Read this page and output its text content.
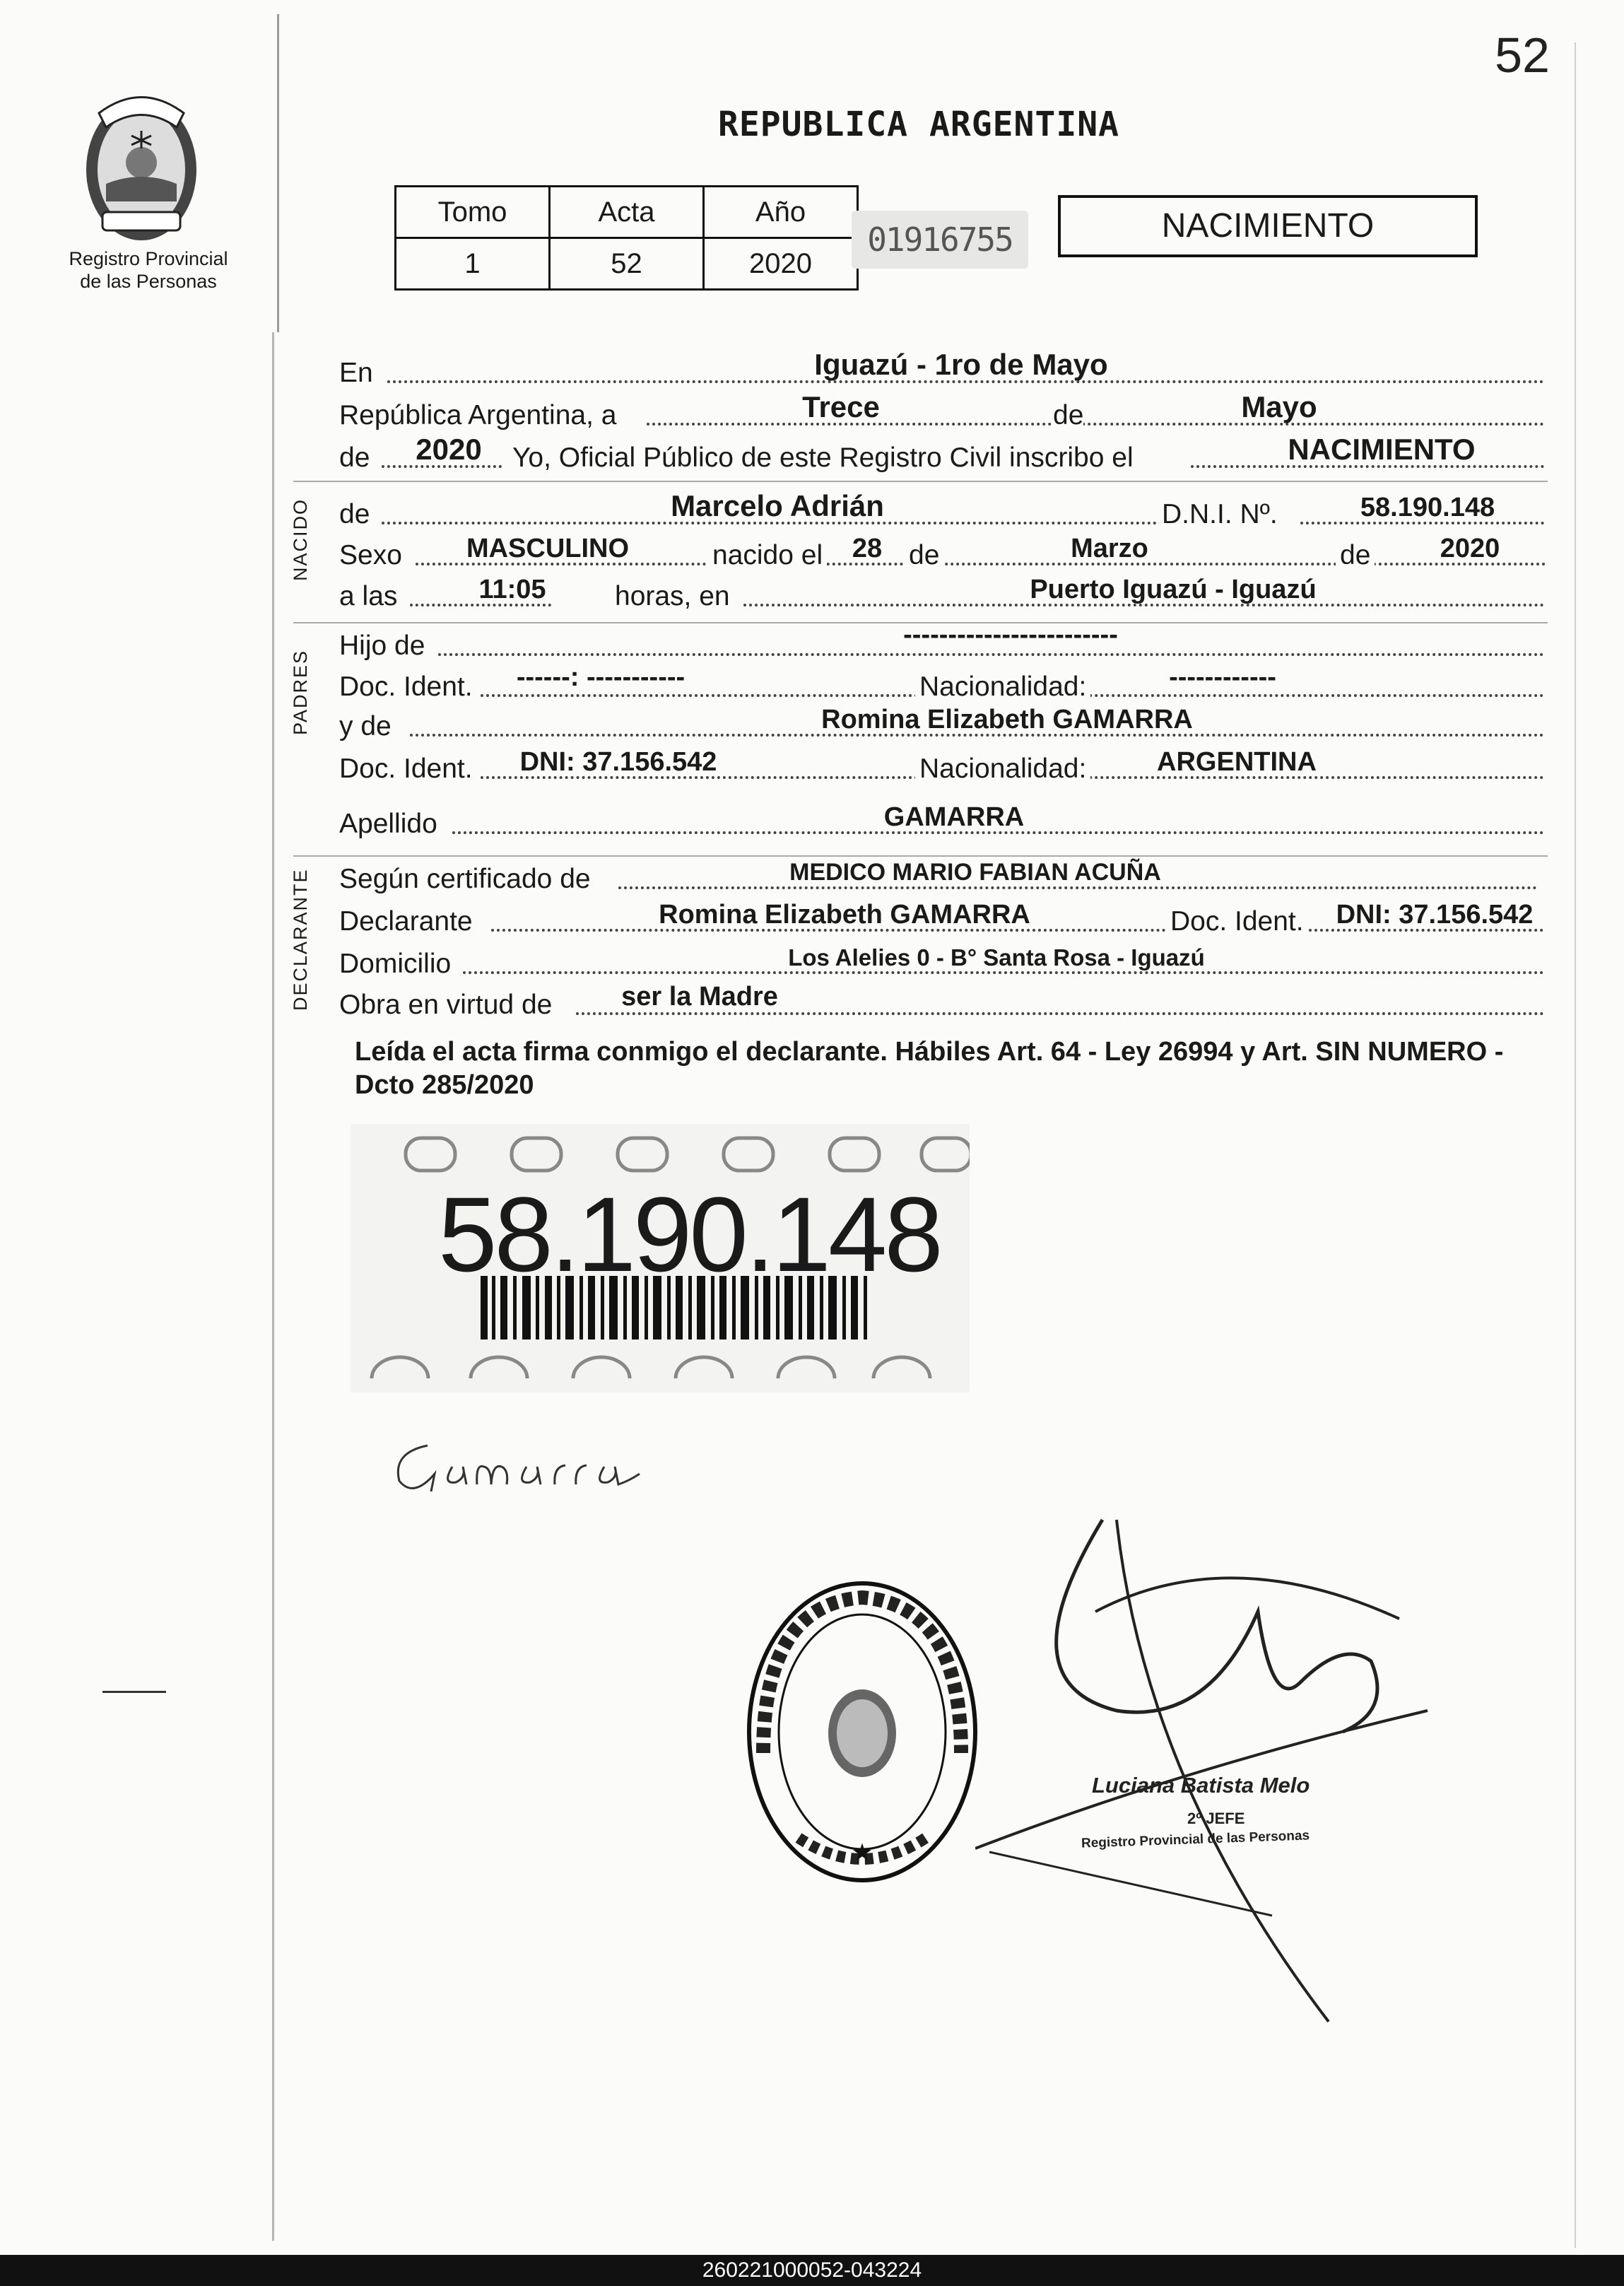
52
Registro Provincial
de las Personas
REPUBLICA ARGENTINA
Tomo	Acta	Año
1	52	2020
01916755	NACIMIENTO
En	Iguazú - 1ro de Mayo
República Argentina, a	Trece	de	Mayo
de 2020 Yo, Oficial Público de este Registro Civil inscribo el	NACIMIENTO
NACIDO de	Marcelo Adrián	D.N.I. Nº.	58.190.148
Sexo	MASCULINO	nacido el	28 de	Marzo	de	2020
a las	11:05	horas, en	Puerto Iguazú - Iguazú
PADRES
Hijo de	------------------------
Doc. Ident.	------: -----------	Nacionalidad:	------------
y de	Romina Elizabeth GAMARRA
Doc. Ident.	DNI: 37.156.542	Nacionalidad:	ARGENTINA
Apellido	GAMARRA
DECLARANTE Según certificado de	MEDICO MARIO FABIAN ACUÑA
Declarante	Romina Elizabeth GAMARRA	Doc. Ident.	DNI: 37.156.542
Domicilio	Los Alelies 0 - B° Santa Rosa - Iguazú
Obra en virtud de	ser la Madre
Leída el acta firma conmigo el declarante. Hábiles Art. 64 - Ley 26994 y Art. SIN NUMERO - Dcto 285/2020
58.190.148
★
Luciana Batista Melo
2º JEFE
Registro Provincial de las Personas
260221000052-043224
